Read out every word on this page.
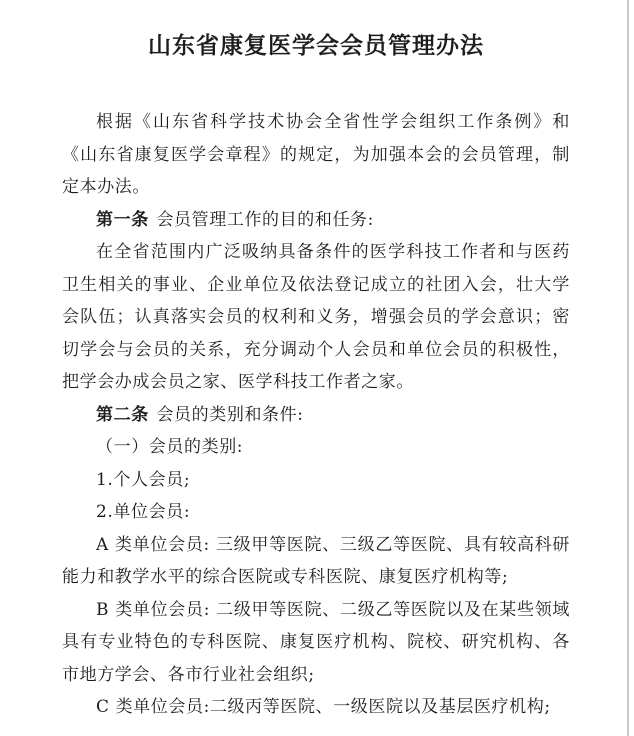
山东省康复医学会会员管理办法

根据《山东省科学技术协会全省性学会组织工作条例》和《山东省康复医学会章程》的规定，为加强本会的会员管理，制定本办法。

第一条 会员管理工作的目的和任务:

在全省范围内广泛吸纳具备条件的医学科技工作者和与医药卫生相关的事业、企业单位及依法登记成立的社团入会，壮大学会队伍；认真落实会员的权利和义务，增强会员的学会意识；密切学会与会员的关系，充分调动个人会员和单位会员的积极性，把学会办成会员之家、医学科技工作者之家。

第二条 会员的类别和条件:

（一）会员的类别:

1.个人会员;

2.单位会员:

A 类单位会员: 三级甲等医院、三级乙等医院、具有较高科研能力和教学水平的综合医院或专科医院、康复医疗机构等;

B 类单位会员: 二级甲等医院、二级乙等医院以及在某些领域具有专业特色的专科医院、康复医疗机构、院校、研究机构、各市地方学会、各市行业社会组织;

C 类单位会员:二级丙等医院、一级医院以及基层医疗机构;
